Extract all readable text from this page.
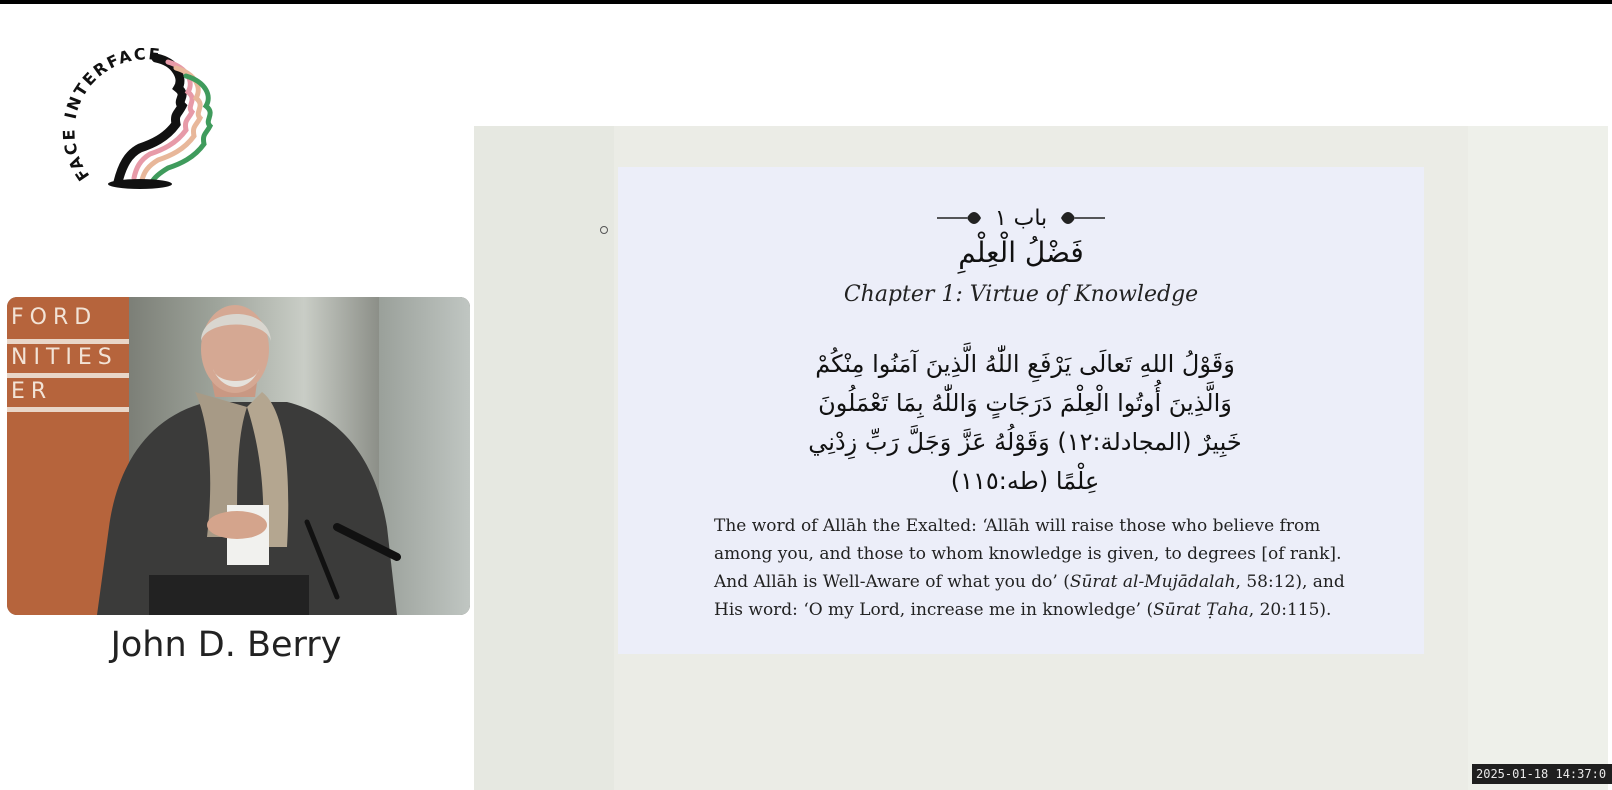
FACE INTERFACE
FORD
NITIES
ER
John D. Berry
باب ١
فَضْلُ الْعِلْمِ
Chapter 1: Virtue of Knowledge
وَقَوْلُ اللهِ تَعالَى يَرْفَعِ اللّٰهُ الَّذِينَ آمَنُوا مِنْكُمْ
وَالَّذِينَ أُوتُوا الْعِلْمَ دَرَجَاتٍ وَاللّٰهُ بِمَا تَعْمَلُونَ
خَبِيرٌ (المجادلة:١٢) وَقَوْلُهُ عَزَّ وَجَلَّ رَبِّ زِدْنِي
عِلْمًا (طه:١١٥)
The word of Allāh the Exalted: ‘Allāh will raise those who believe from among you, and those to whom knowledge is given, to degrees [of rank]. And Allāh is Well-Aware of what you do’ (Sūrat al-Mujādalah, 58:12), and His word: ‘O my Lord, increase me in knowledge’ (Sūrat Ṭaha, 20:115).
2025-01-18 14:37:0
